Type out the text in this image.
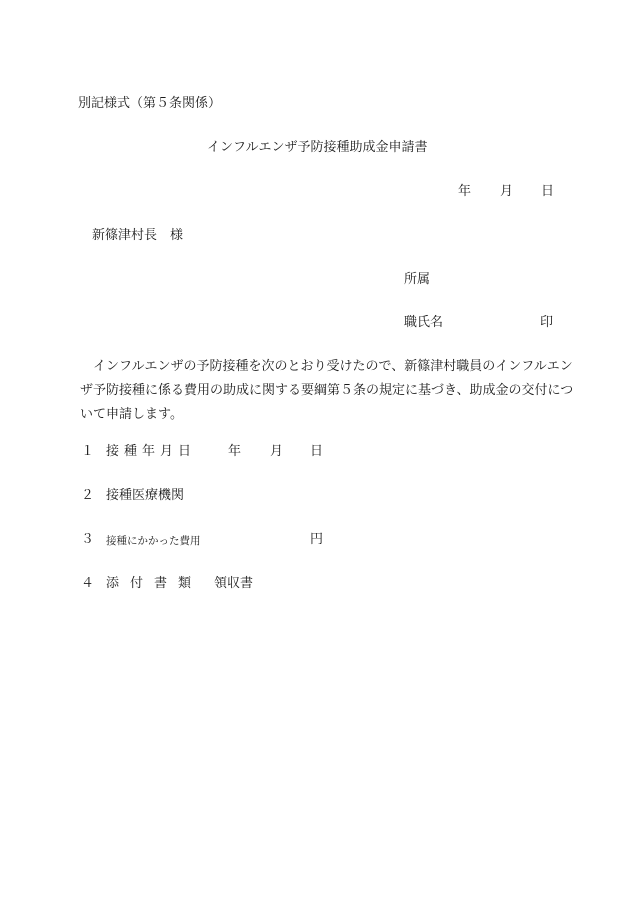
別記様式（第５条関係）
インフルエンザ予防接種助成金申請書
年 月 日
新篠津村長　様
所属
職氏名	印
インフルエンザの予防接種を次のとおり受けたので、新篠津村職員のインフルエンザ予防接種に係る費用の助成に関する要綱第５条の規定に基づき、助成金の交付について申請します。
１ 接種年月日 年 月 日
２ 接種医療機関
３ 接種にかかった費用	円
４ 添付書類 領収書
